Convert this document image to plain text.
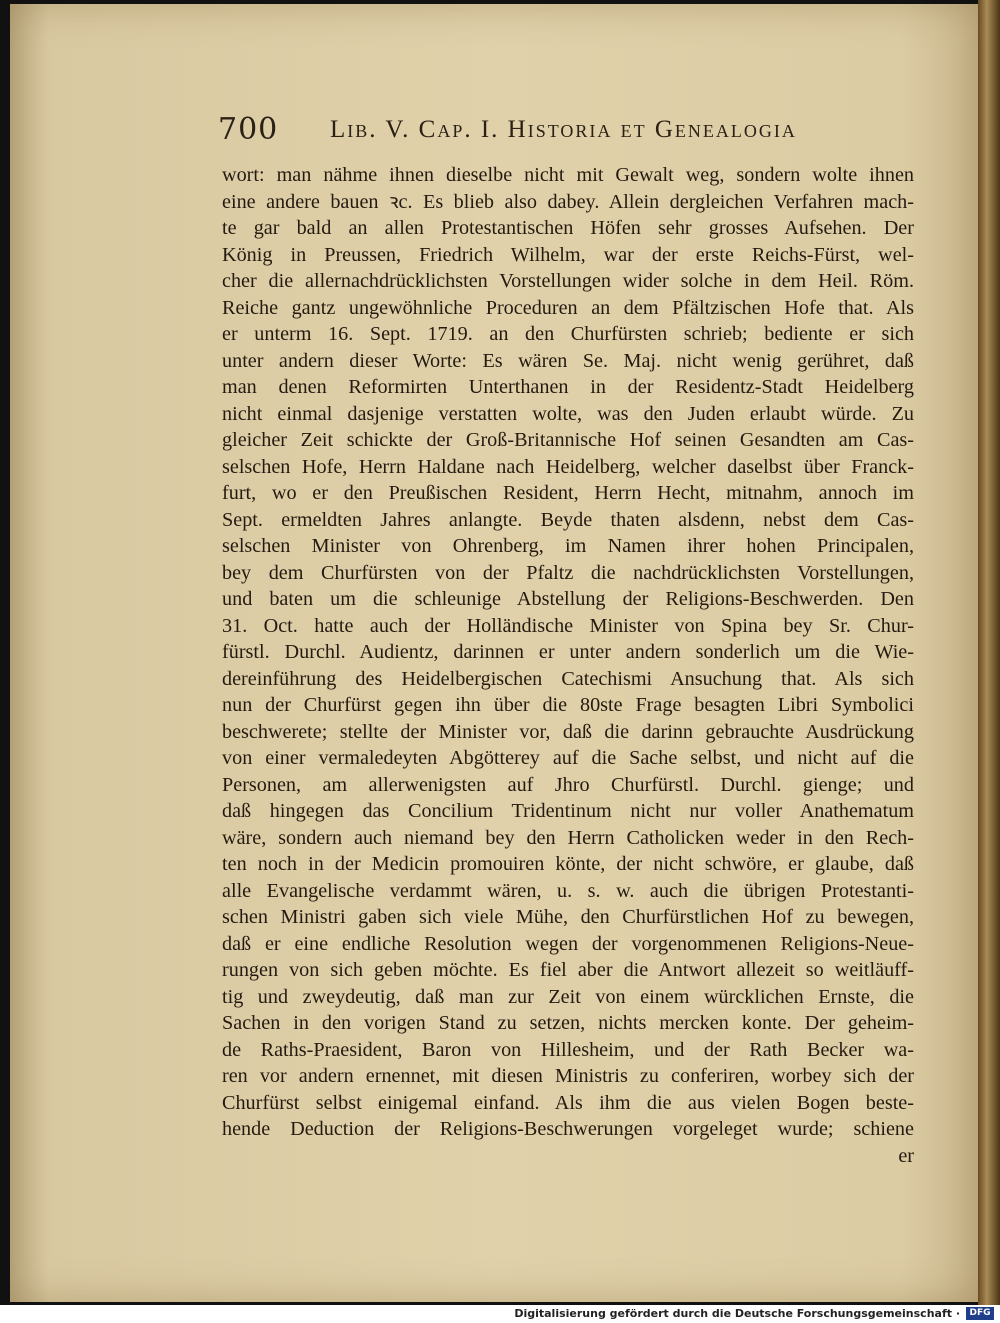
700 Lib. V. Cap. I. Historia et Genealogia
wort: man nähme ihnen dieselbe nicht mit Gewalt weg, sondern wolte ihnen
eine andere bauen ꝛc. Es blieb also dabey. Allein dergleichen Verfahren mach-
te gar bald an allen Protestantischen Höfen sehr grosses Aufsehen. Der
König in Preussen, Friedrich Wilhelm, war der erste Reichs-Fürst, wel-
cher die allernachdrücklichsten Vorstellungen wider solche in dem Heil. Röm.
Reiche gantz ungewöhnliche Proceduren an dem Pfältzischen Hofe that. Als
er unterm 16. Sept. 1719. an den Churfürsten schrieb; bediente er sich
unter andern dieser Worte: Es wären Se. Maj. nicht wenig gerühret, daß
man denen Reformirten Unterthanen in der Residentz-Stadt Heidelberg
nicht einmal dasjenige verstatten wolte, was den Juden erlaubt würde. Zu
gleicher Zeit schickte der Groß-Britannische Hof seinen Gesandten am Cas-
selschen Hofe, Herrn Haldane nach Heidelberg, welcher daselbst über Franck-
furt, wo er den Preußischen Resident, Herrn Hecht, mitnahm, annoch im
Sept. ermeldten Jahres anlangte. Beyde thaten alsdenn, nebst dem Cas-
selschen Minister von Ohrenberg, im Namen ihrer hohen Principalen,
bey dem Churfürsten von der Pfaltz die nachdrücklichsten Vorstellungen,
und baten um die schleunige Abstellung der Religions-Beschwerden. Den
31. Oct. hatte auch der Holländische Minister von Spina bey Sr. Chur-
fürstl. Durchl. Audientz, darinnen er unter andern sonderlich um die Wie-
dereinführung des Heidelbergischen Catechismi Ansuchung that. Als sich
nun der Churfürst gegen ihn über die 80ste Frage besagten Libri Symbolici
beschwerete; stellte der Minister vor, daß die darinn gebrauchte Ausdrückung
von einer vermaledeyten Abgötterey auf die Sache selbst, und nicht auf die
Personen, am allerwenigsten auf Jhro Churfürstl. Durchl. gienge; und
daß hingegen das Concilium Tridentinum nicht nur voller Anathematum
wäre, sondern auch niemand bey den Herrn Catholicken weder in den Rech-
ten noch in der Medicin promouiren könte, der nicht schwöre, er glaube, daß
alle Evangelische verdammt wären, u. s. w. auch die übrigen Protestanti-
schen Ministri gaben sich viele Mühe, den Churfürstlichen Hof zu bewegen,
daß er eine endliche Resolution wegen der vorgenommenen Religions-Neue-
rungen von sich geben möchte. Es fiel aber die Antwort allezeit so weitläuff-
tig und zweydeutig, daß man zur Zeit von einem würcklichen Ernste, die
Sachen in den vorigen Stand zu setzen, nichts mercken konte. Der geheim-
de Raths-Praesident, Baron von Hillesheim, und der Rath Becker wa-
ren vor andern ernennet, mit diesen Ministris zu conferiren, worbey sich der
Churfürst selbst einigemal einfand. Als ihm die aus vielen Bogen beste-
hende Deduction der Religions-Beschwerungen vorgeleget wurde; schiene
er
Digitalisierung gefördert durch die Deutsche Forschungsgemeinschaft ·	DFG
